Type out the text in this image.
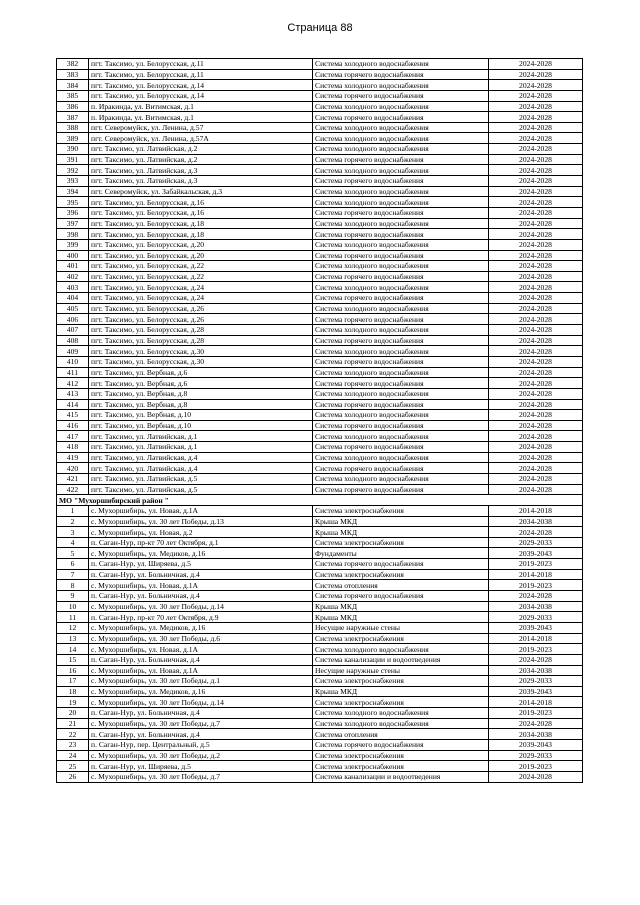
Страница 88
382	пгт. Таксимо, ул. Белорусская, д.11	Система холодного водоснабжения	2024-2028
383	пгт. Таксимо, ул. Белорусская, д.11	Система горячего водоснабжения	2024-2028
384	пгт. Таксимо, ул. Белорусская, д.14	Система холодного водоснабжения	2024-2028
385	пгт. Таксимо, ул. Белорусская, д.14	Система горячего водоснабжения	2024-2028
386	п. Иракинда, ул. Витимская, д.1	Система холодного водоснабжения	2024-2028
387	п. Иракинда, ул. Витимская, д.1	Система горячего водоснабжения	2024-2028
388	пгт. Северомуйск, ул. Ленина, д.57	Система холодного водоснабжения	2024-2028
389	пгт. Северомуйск, ул. Ленина, д.57А	Система холодного водоснабжения	2024-2028
390	пгт. Таксимо, ул. Латвийская, д.2	Система холодного водоснабжения	2024-2028
391	пгт. Таксимо, ул. Латвийская, д.2	Система горячего водоснабжения	2024-2028
392	пгт. Таксимо, ул. Латвийская, д.3	Система холодного водоснабжения	2024-2028
393	пгт. Таксимо, ул. Латвийская, д.3	Система горячего водоснабжения	2024-2028
394	пгт. Северомуйск, ул. Забайкальская, д.3	Система холодного водоснабжения	2024-2028
395	пгт. Таксимо, ул. Белорусская, д.16	Система холодного водоснабжения	2024-2028
396	пгт. Таксимо, ул. Белорусская, д.16	Система горячего водоснабжения	2024-2028
397	пгт. Таксимо, ул. Белорусская, д.18	Система холодного водоснабжения	2024-2028
398	пгт. Таксимо, ул. Белорусская, д.18	Система горячего водоснабжения	2024-2028
399	пгт. Таксимо, ул. Белорусская, д.20	Система холодного водоснабжения	2024-2028
400	пгт. Таксимо, ул. Белорусская, д.20	Система горячего водоснабжения	2024-2028
401	пгт. Таксимо, ул. Белорусская, д.22	Система холодного водоснабжения	2024-2028
402	пгт. Таксимо, ул. Белорусская, д.22	Система горячего водоснабжения	2024-2028
403	пгт. Таксимо, ул. Белорусская, д.24	Система холодного водоснабжения	2024-2028
404	пгт. Таксимо, ул. Белорусская, д.24	Система горячего водоснабжения	2024-2028
405	пгт. Таксимо, ул. Белорусская, д.26	Система холодного водоснабжения	2024-2028
406	пгт. Таксимо, ул. Белорусская, д.26	Система горячего водоснабжения	2024-2028
407	пгт. Таксимо, ул. Белорусская, д.28	Система холодного водоснабжения	2024-2028
408	пгт. Таксимо, ул. Белорусская, д.28	Система горячего водоснабжения	2024-2028
409	пгт. Таксимо, ул. Белорусская, д.30	Система холодного водоснабжения	2024-2028
410	пгт. Таксимо, ул. Белорусская, д.30	Система горячего водоснабжения	2024-2028
411	пгт. Таксимо, ул. Вербная, д.6	Система холодного водоснабжения	2024-2028
412	пгт. Таксимо, ул. Вербная, д.6	Система горячего водоснабжения	2024-2028
413	пгт. Таксимо, ул. Вербная, д.8	Система холодного водоснабжения	2024-2028
414	пгт. Таксимо, ул. Вербная, д.8	Система горячего водоснабжения	2024-2028
415	пгт. Таксимо, ул. Вербная, д.10	Система холодного водоснабжения	2024-2028
416	пгт. Таксимо, ул. Вербная, д.10	Система горячего водоснабжения	2024-2028
417	пгт. Таксимо, ул. Латвийская, д.1	Система холодного водоснабжения	2024-2028
418	пгт. Таксимо, ул. Латвийская, д.1	Система горячего водоснабжения	2024-2028
419	пгт. Таксимо, ул. Латвийская, д.4	Система холодного водоснабжения	2024-2028
420	пгт. Таксимо, ул. Латвийская, д.4	Система горячего водоснабжения	2024-2028
421	пгт. Таксимо, ул. Латвийская, д.5	Система холодного водоснабжения	2024-2028
422	пгт. Таксимо, ул. Латвийская, д.5	Система горячего водоснабжения	2024-2028
МО "Мухоршибирский район "			
1	с. Мухоршибирь, ул. Новая, д.1А	Система электроснабжения	2014-2018
2	с. Мухоршибирь, ул. 30 лет Победы, д.13	Крыша МКД	2034-2038
3	с. Мухоршибирь, ул. Новая, д.2	Крыша МКД	2024-2028
4	п. Саган-Нур, пр-кт 70 лет Октября, д.1	Система электроснабжения	2029-2033
5	с. Мухоршибирь, ул. Медиков, д.16	Фундаменты	2039-2043
6	п. Саган-Нур, ул. Ширяева, д.5	Система горячего водоснабжения	2019-2023
7	п. Саган-Нур, ул. Больничная, д.4	Система электроснабжения	2014-2018
8	с. Мухоршибирь, ул. Новая, д.1А	Система отопления	2019-2023
9	п. Саган-Нур, ул. Больничная, д.4	Система горячего водоснабжения	2024-2028
10	с. Мухоршибирь, ул. 30 лет Победы, д.14	Крыша МКД	2034-2038
11	п. Саган-Нур, пр-кт 70 лет Октября, д.9	Крыша МКД	2029-2033
12	с. Мухоршибирь, ул. Медиков, д.16	Несущие наружные стены	2039-2043
13	с. Мухоршибирь, ул. 30 лет Победы, д.6	Система электроснабжения	2014-2018
14	с. Мухоршибирь, ул. Новая, д.1А	Система холодного водоснабжения	2019-2023
15	п. Саган-Нур, ул. Больничная, д.4	Система канализации и водоотведения	2024-2028
16	с. Мухоршибирь, ул. Новая, д.1А	Несущие наружные стены	2034-2038
17	с. Мухоршибирь, ул. 30 лет Победы, д.1	Система электроснабжения	2029-2033
18	с. Мухоршибирь, ул. Медиков, д.16	Крыша МКД	2039-2043
19	с. Мухоршибирь, ул. 30 лет Победы, д.14	Система электроснабжения	2014-2018
20	п. Саган-Нур, ул. Больничная, д.4	Система холодного водоснабжения	2019-2023
21	с. Мухоршибирь, ул. 30 лет Победы, д.7	Система холодного водоснабжения	2024-2028
22	п. Саган-Нур, ул. Больничная, д.4	Система отопления	2034-2038
23	п. Саган-Нур, пер. Центральный, д.5	Система горячего водоснабжения	2039-2043
24	с. Мухоршибирь, ул. 30 лет Победы, д.2	Система электроснабжения	2029-2033
25	п. Саган-Нур, ул. Ширяева, д.5	Система электроснабжения	2019-2023
26	с. Мухоршибирь, ул. 30 лет Победы, д.7	Система канализации и водоотведения	2024-2028
